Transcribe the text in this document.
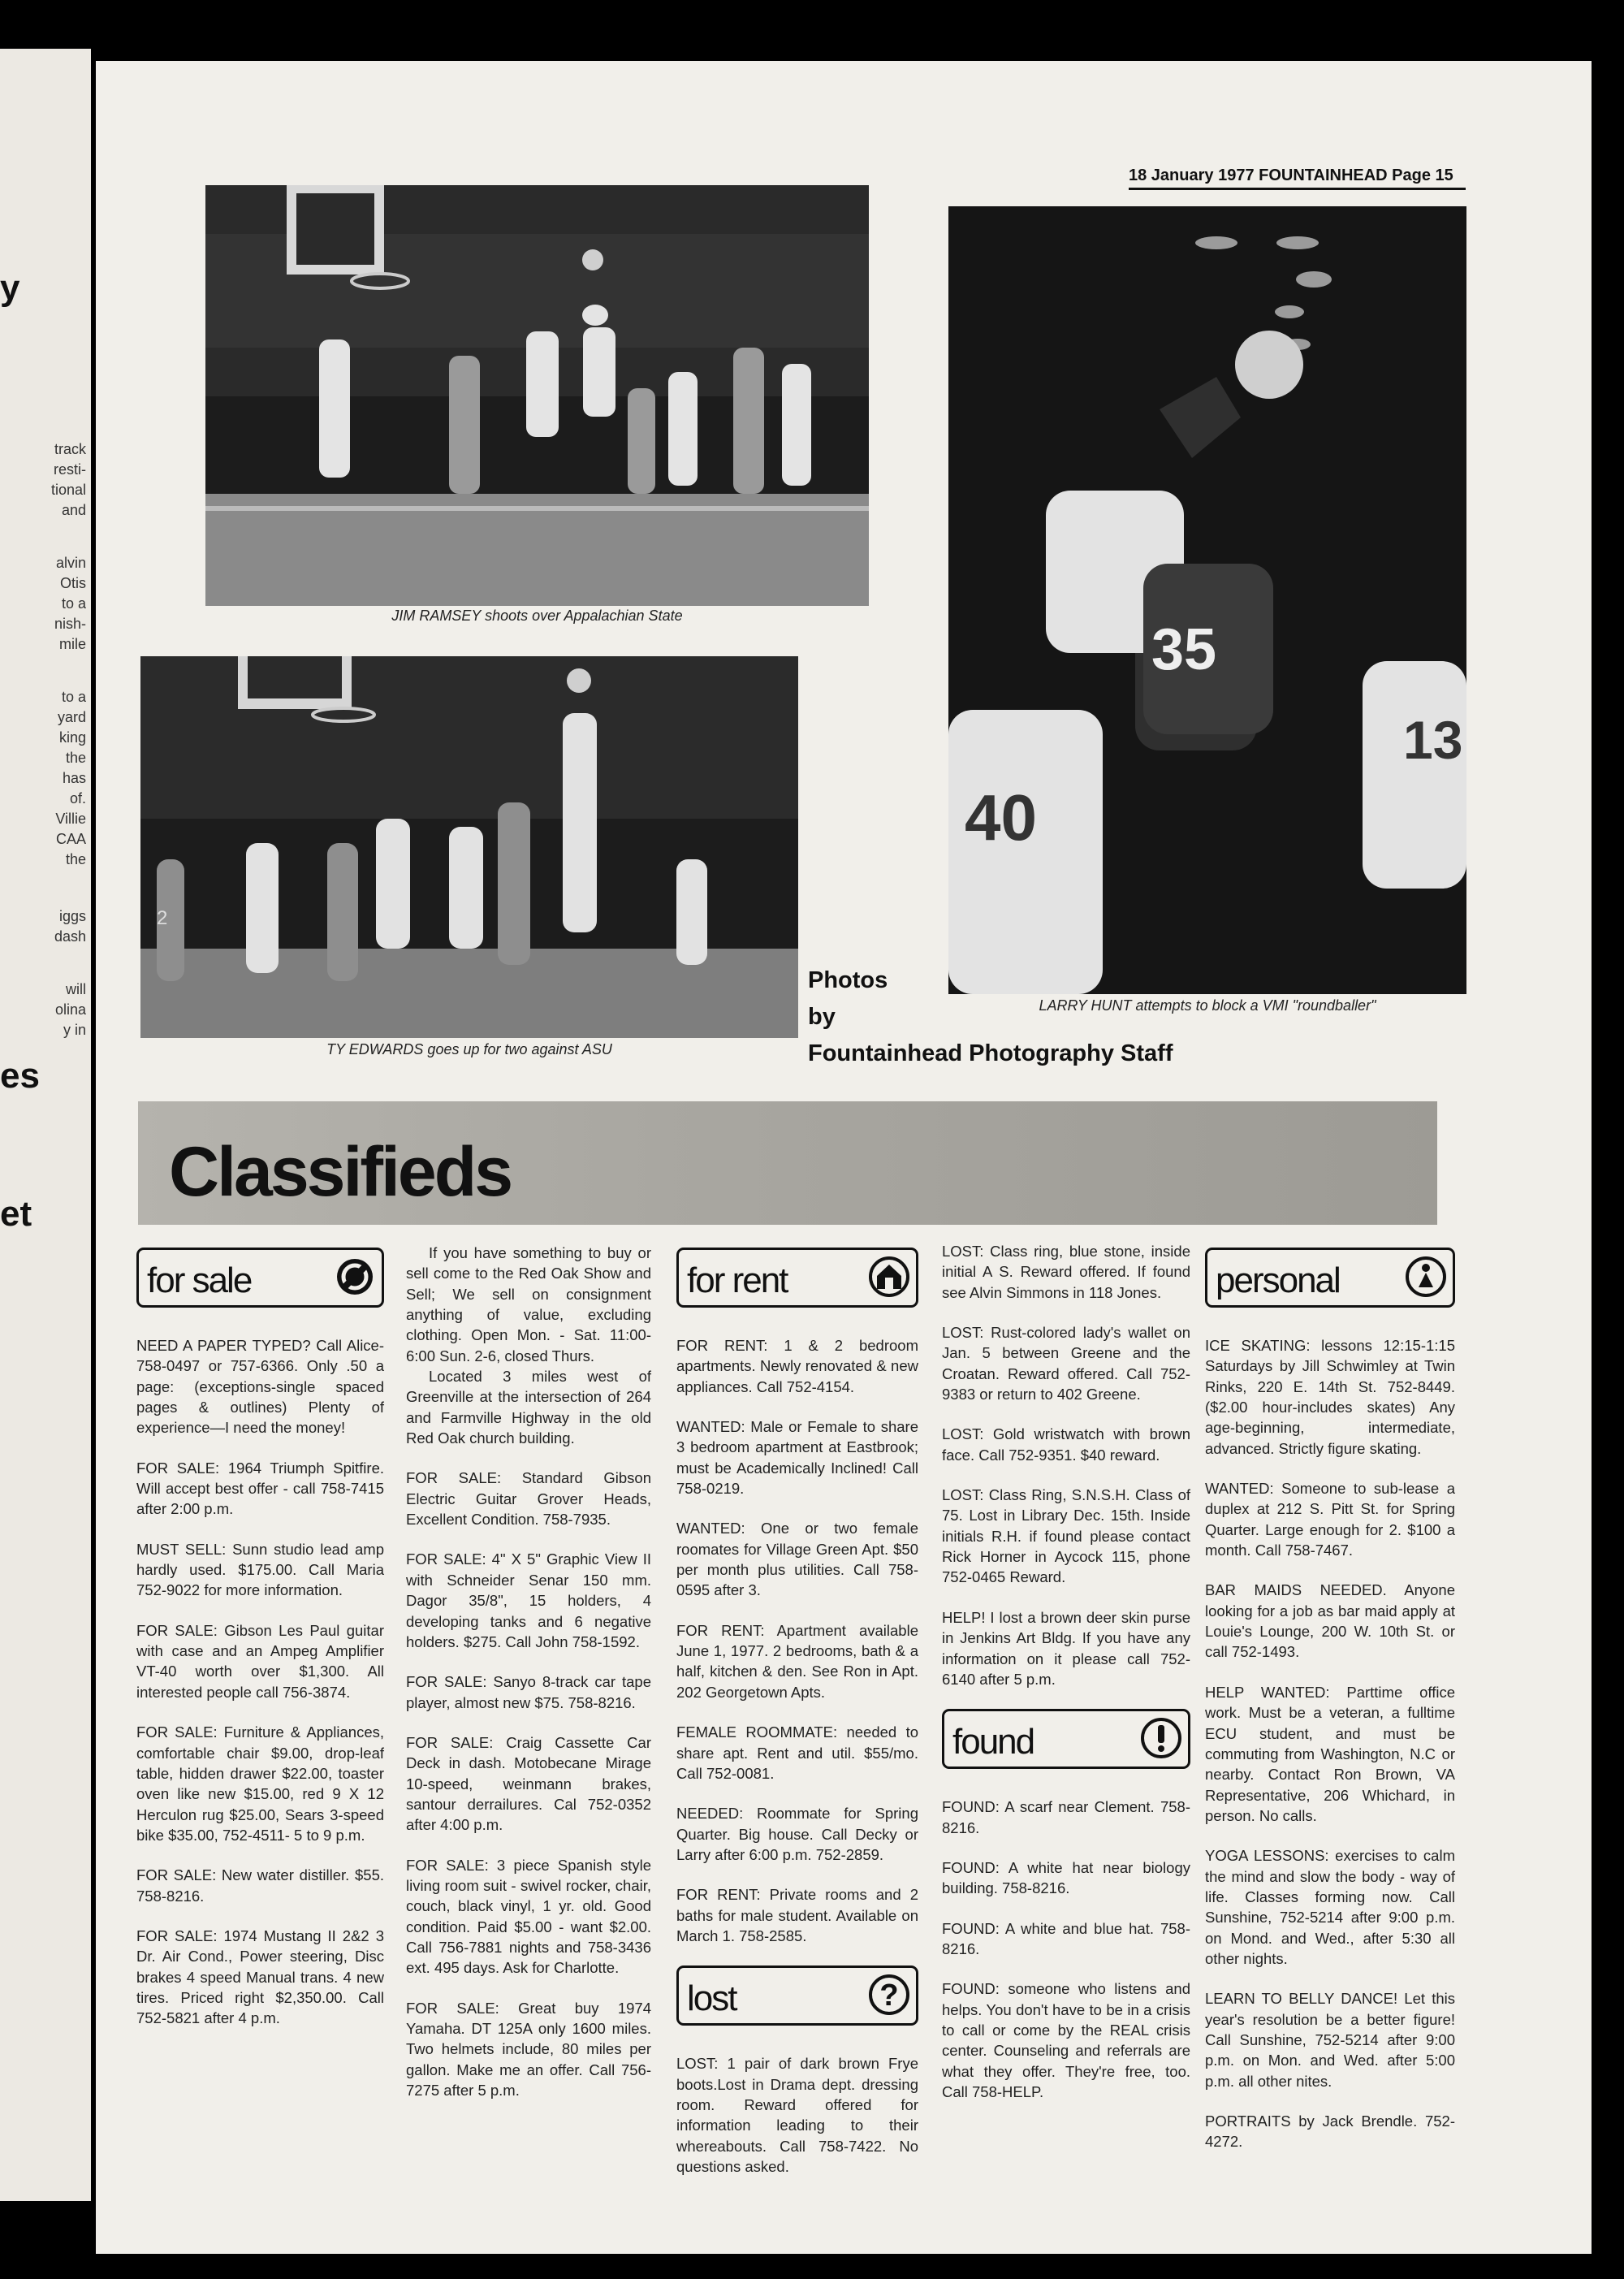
track
resti-
tional
and
alvin
Otis
to a
nish-
mile
to a
yard
king
the
has
of.
Villie
CAA
the
iggs
dash
will
olina
y in
y
es
et
18 January 1977 FOUNTAINHEAD Page 15
JIM RAMSEY shoots over Appalachian State
2
TY EDWARDS goes up for two against ASU
35
40
13
LARRY HUNT attempts to block a VMI "roundballer"
Photos
by
Fountainhead Photography Staff
Classifieds
for sale

NEED A PAPER TYPED? Call Alice-758-0497 or 757-6366. Only .50 a page: (exceptions-single spaced pages & outlines) Plenty of experience—I need the money!

FOR SALE: 1964 Triumph Spitfire. Will accept best offer - call 758-7415 after 2:00 p.m.

MUST SELL: Sunn studio lead amp hardly used. $175.00. Call Maria 752-9022 for more information.

FOR SALE: Gibson Les Paul guitar with case and an Ampeg Amplifier VT-40 worth over $1,300. All interested people call 756-3874.

FOR SALE: Furniture & Appliances, comfortable chair $9.00, drop-leaf table, hidden drawer $22.00, toaster oven like new $15.00, red 9 X 12 Herculon rug $25.00, Sears 3-speed bike $35.00, 752-4511- 5 to 9 p.m.

FOR SALE: New water distiller. $55. 758-8216.

FOR SALE: 1974 Mustang II 2&2 3 Dr. Air Cond., Power steering, Disc brakes 4 speed Manual trans. 4 new tires. Priced right $2,350.00. Call 752-5821 after 4 p.m.

If you have something to buy or sell come to the Red Oak Show and Sell; We sell on consignment anything of value, excluding clothing. Open Mon. - Sat. 11:00-6:00 Sun. 2-6, closed Thurs.

Located 3 miles west of Greenville at the intersection of 264 and Farmville Highway in the old Red Oak church building.

FOR SALE: Standard Gibson Electric Guitar Grover Heads, Excellent Condition. 758-7935.

FOR SALE: 4" X 5" Graphic View II with Schneider Senar 150 mm. Dagor 35/8", 15 holders, 4 developing tanks and 6 negative holders. $275. Call John 758-1592.

FOR SALE: Sanyo 8-track car tape player, almost new $75. 758-8216.

FOR SALE: Craig Cassette Car Deck in dash. Motobecane Mirage 10-speed, weinmann brakes, santour derrailures. Cal 752-0352 after 4:00 p.m.

FOR SALE: 3 piece Spanish style living room suit - swivel rocker, chair, couch, black vinyl, 1 yr. old. Good condition. Paid $5.00 - want $2.00. Call 756-7881 nights and 758-3436 ext. 495 days. Ask for Charlotte.

FOR SALE: Great buy 1974 Yamaha. DT 125A only 1600 miles. Two helmets include, 80 miles per gallon. Make me an offer. Call 756-7275 after 5 p.m.

for rent

FOR RENT: 1 & 2 bedroom apartments. Newly renovated & new appliances. Call 752-4154.

WANTED: Male or Female to share 3 bedroom apartment at Eastbrook; must be Academically Inclined! Call 758-0219.

WANTED: One or two female roomates for Village Green Apt. $50 per month plus utilities. Call 758-0595 after 3.

FOR RENT: Apartment available June 1, 1977. 2 bedrooms, bath & a half, kitchen & den. See Ron in Apt. 202 Georgetown Apts.

FEMALE ROOMMATE: needed to share apt. Rent and util. $55/mo. Call 752-0081.

NEEDED: Roommate for Spring Quarter. Big house. Call Decky or Larry after 6:00 p.m. 752-2859.

FOR RENT: Private rooms and 2 baths for male student. Available on March 1. 758-2585.

lost	?

LOST: 1 pair of dark brown Frye boots.Lost in Drama dept. dressing room. Reward offered for information leading to their whereabouts. Call 758-7422. No questions asked.

LOST: Class ring, blue stone, inside initial A S. Reward offered. If found see Alvin Simmons in 118 Jones.

LOST: Rust-colored lady's wallet on Jan. 5 between Greene and the Croatan. Reward offered. Call 752-9383 or return to 402 Greene.

LOST: Gold wristwatch with brown face. Call 752-9351. $40 reward.

LOST: Class Ring, S.N.S.H. Class of 75. Lost in Library Dec. 15th. Inside initials R.H. if found please contact Rick Horner in Aycock 115, phone 752-0465 Reward.

HELP! I lost a brown deer skin purse in Jenkins Art Bldg. If you have any information on it please call 752-6140 after 5 p.m.

found

FOUND: A scarf near Clement. 758-8216.

FOUND: A white hat near biology building. 758-8216.

FOUND: A white and blue hat. 758-8216.

FOUND: someone who listens and helps. You don't have to be in a crisis to call or come by the REAL crisis center. Counseling and referrals are what they offer. They're free, too. Call 758-HELP.

personal

ICE SKATING: lessons 12:15-1:15 Saturdays by Jill Schwimley at Twin Rinks, 220 E. 14th St. 752-8449. ($2.00 hour-includes skates) Any age-beginning, intermediate, advanced. Strictly figure skating.

WANTED: Someone to sub-lease a duplex at 212 S. Pitt St. for Spring Quarter. Large enough for 2. $100 a month. Call 758-7467.

BAR MAIDS NEEDED. Anyone looking for a job as bar maid apply at Louie's Lounge, 200 W. 10th St. or call 752-1493.

HELP WANTED: Parttime office work. Must be a veteran, a fulltime ECU student, and must be commuting from Washington, N.C or nearby. Contact Ron Brown, VA Representative, 206 Whichard, in person. No calls.

YOGA LESSONS: exercises to calm the mind and slow the body - way of life. Classes forming now. Call Sunshine, 752-5214 after 9:00 p.m. on Mond. and Wed., after 5:30 all other nights.

LEARN TO BELLY DANCE! Let this year's resolution be a better figure! Call Sunshine, 752-5214 after 9:00 p.m. on Mon. and Wed. after 5:00 p.m. all other nites.

PORTRAITS by Jack Brendle. 752-4272.
